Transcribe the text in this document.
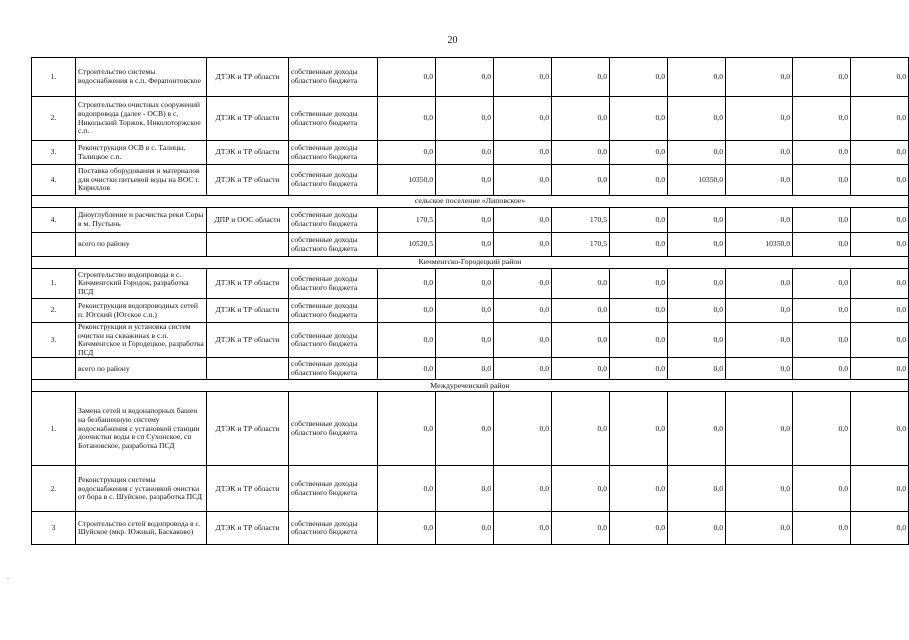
20
.
1.	Строительство системы водоснабжения в с.п. Ферапонтовское	ДТЭК и ТР области	собственные доходы областного бюджета	0,0	0,0	0,0	0,0	0,0	0,0	0,0	0,0	0,0
2.	Строительство очистных сооружений водопровода (далее - ОСВ) в с. Никольский Торжок, Николоторжское с.п.	ДТЭК и ТР области	собственные доходы областного бюджета	0,0	0,0	0,0	0,0	0,0	0,0	0,0	0,0	0,0
3.	Реконструкция ОСВ в с. Талицы, Талицкое с.п.	ДТЭК и ТР области	собственные доходы областного бюджета	0,0	0,0	0,0	0,0	0,0	0,0	0,0	0,0	0,0
4.	Поставка оборудования и материалов для очистки питьевой воды на ВОС г. Кириллов	ДТЭК и ТР области	собственные доходы областного бюджета	10350,0	0,0	0,0	0,0	0,0	10350,0	0,0	0,0	0,0
сельское поселение «Липовское»												
4.	Дноуглубление и расчистка реки Соры в м. Пустынь	ДПР и ООС области	собственные доходы областного бюджета	170,5	0,0	0,0	170,5	0,0	0,0	0,0	0,0	0,0
	всего по району		собственные доходы областного бюджета	10520,5	0,0	0,0	170,5	0,0	0,0	10350,0	0,0	0,0
Кичменгско-Городецкий район												
1.	Строительство водопровода в с. Кичменгский Городок, разработка ПСД	ДТЭК и ТР области	собственные доходы областного бюджета	0,0	0,0	0,0	0,0	0,0	0,0	0,0	0,0	0,0
2.	Реконструкция водопроводных сетей п. Югский (Югское с.п.)	ДТЭК и ТР области	собственные доходы областного бюджета	0,0	0,0	0,0	0,0	0,0	0,0	0,0	0,0	0,0
3.	Реконструкция и установка систем очистки на скважинах в с.п. Кичменгское и Городецкое, разработка ПСД	ДТЭК и ТР области	собственные доходы областного бюджета	0,0	0,0	0,0	0,0	0,0	0,0	0,0	0,0	0,0
	всего по району		собственные доходы областного бюджета	0,0	0,0	0,0	0,0	0,0	0,0	0,0	0,0	0,0
Междуреченский район												
1.	Замена сетей и водонапорных башен на безбашенную систему водоснабжения с установкой станции доочистки воды в сп Сухонское, сп Ботановское, разработка ПСД	ДТЭК и ТР области	собственные доходы областного бюджета	0,0	0,0	0,0	0,0	0,0	0,0	0,0	0,0	0,0
2.	Реконструкция системы водоснабжения с установкой очистки от бора в с. Шуйское, разработка ПСД	ДТЭК и ТР области	собственные доходы областного бюджета	0,0	0,0	0,0	0,0	0,0	0,0	0,0	0,0	0,0
3	Строительство сетей водопровода в с. Шуйское (мкр. Южный, Баскаково)	ДТЭК и ТР области	собственные доходы областного бюджета	0,0	0,0	0,0	0,0	0,0	0,0	0,0	0,0	0,0
